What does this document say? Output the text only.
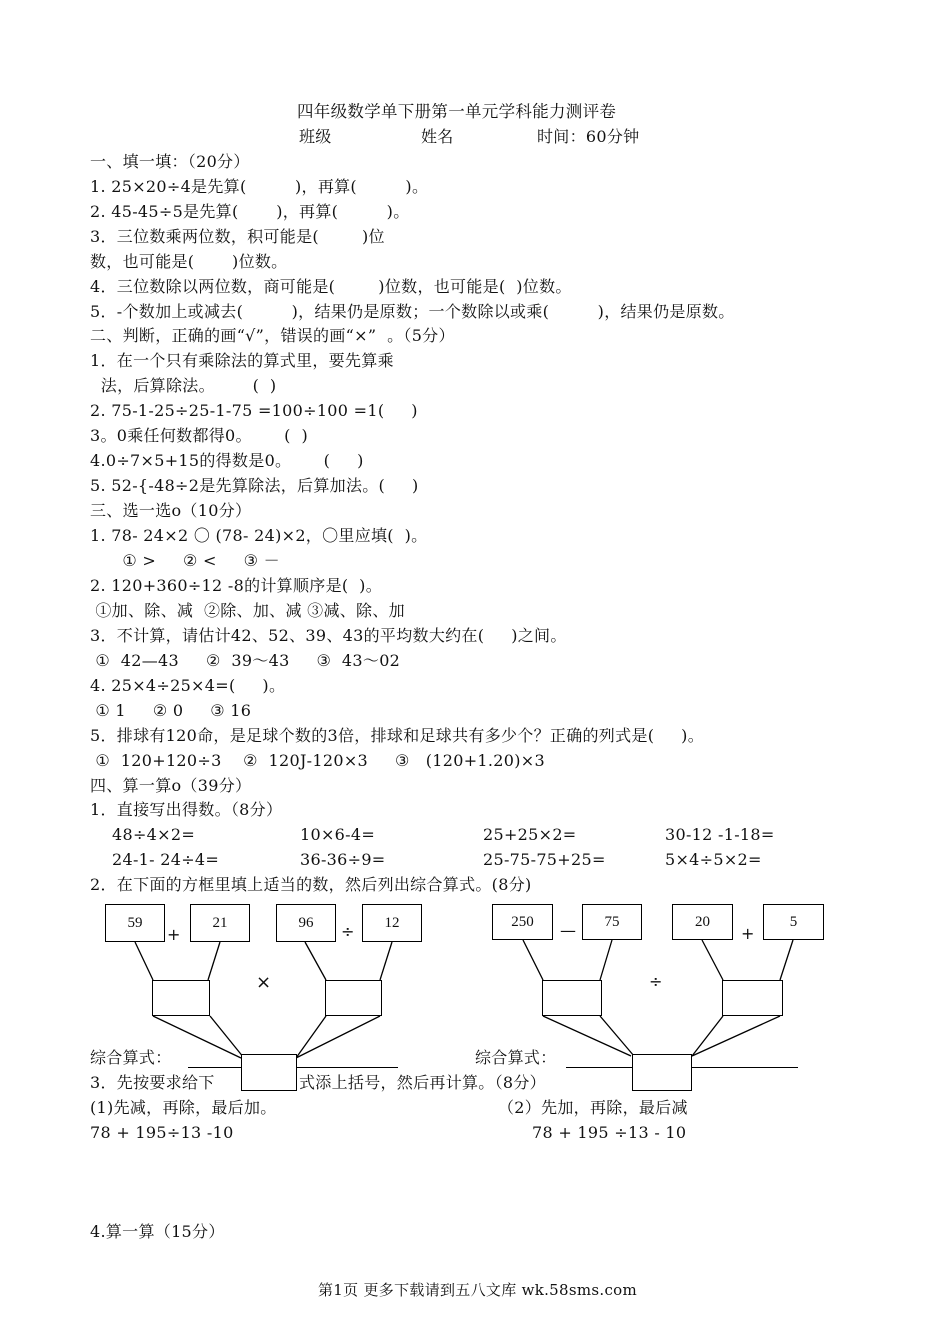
四年级数学单下册第一单元学科能力测评卷
班级	姓名	时间：60分钟
一、填一填：（20分）
1. 25×20÷4是先算(         )，再算(         )。
2. 45-45÷5是先算(       )，再算(         )。
3．三位数乘两位数，积可能是(        )位
数，也可能是(       )位数。
4．三位数除以两位数，商可能是(        )位数，也可能是(  )位数。
5．-个数加上或减去(         )，结果仍是原数；一个数除以或乘(         )，结果仍是原数。
二、判断，正确的画“√”，错误的画“×”  。（5分）
1．在一个只有乘除法的算式里，要先算乘
法，后算除法。       (  )
2. 75-1-25÷25-1-75 =100÷100 =1(     )
3。0乘任何数都得0。      (  )
4.0÷7×5+15的得数是0。      (     )
5. 52-{-48÷2是先算除法，后算加法。(     )
三、选一选o（10分）
1. 78- 24×2 〇 (78- 24)×2，〇里应填(  )。
① >     ② <     ③ －
2. 120+360÷12 -8的计算顺序是(  )。
①加、除、减  ②除、加、减 ③减、除、加
3．不计算，请估计42、52、39、43的平均数大约在(     )之间。
①  42—43     ②  39～43     ③  43～02
4. 25×4÷25×4=(     )。
① 1     ② 0     ③ 16
5．排球有120命，是足球个数的3倍，排球和足球共有多少个？正确的列式是(     )。
①  120+120÷3    ②  120J-120×3     ③   (120+1.20)×3
四、算一算o（39分）
1．直接写出得数。（8分）
48÷4×2=	10×6-4=	25+25×2=	30-12 -1-18=
24-1- 24÷4=	36-36÷9=	25-75-75+25=	5×4÷5×2=
2．在下面的方框里填上适当的数，然后列出综合算式。(8分)
59
+
21	96	÷	12
×
250	—	75	20
+
5
÷
综合算式：	综合算式：
3．先按要求给下	式添上括号，然后再计算。（8分）
(1)先减，再除，最后加。	（2）先加，再除，最后减
78 + 195÷13 -10	78 + 195 ÷13 - 10
4.算一算（15分）
第1页 更多下载请到五八文库 wk.58sms.com
